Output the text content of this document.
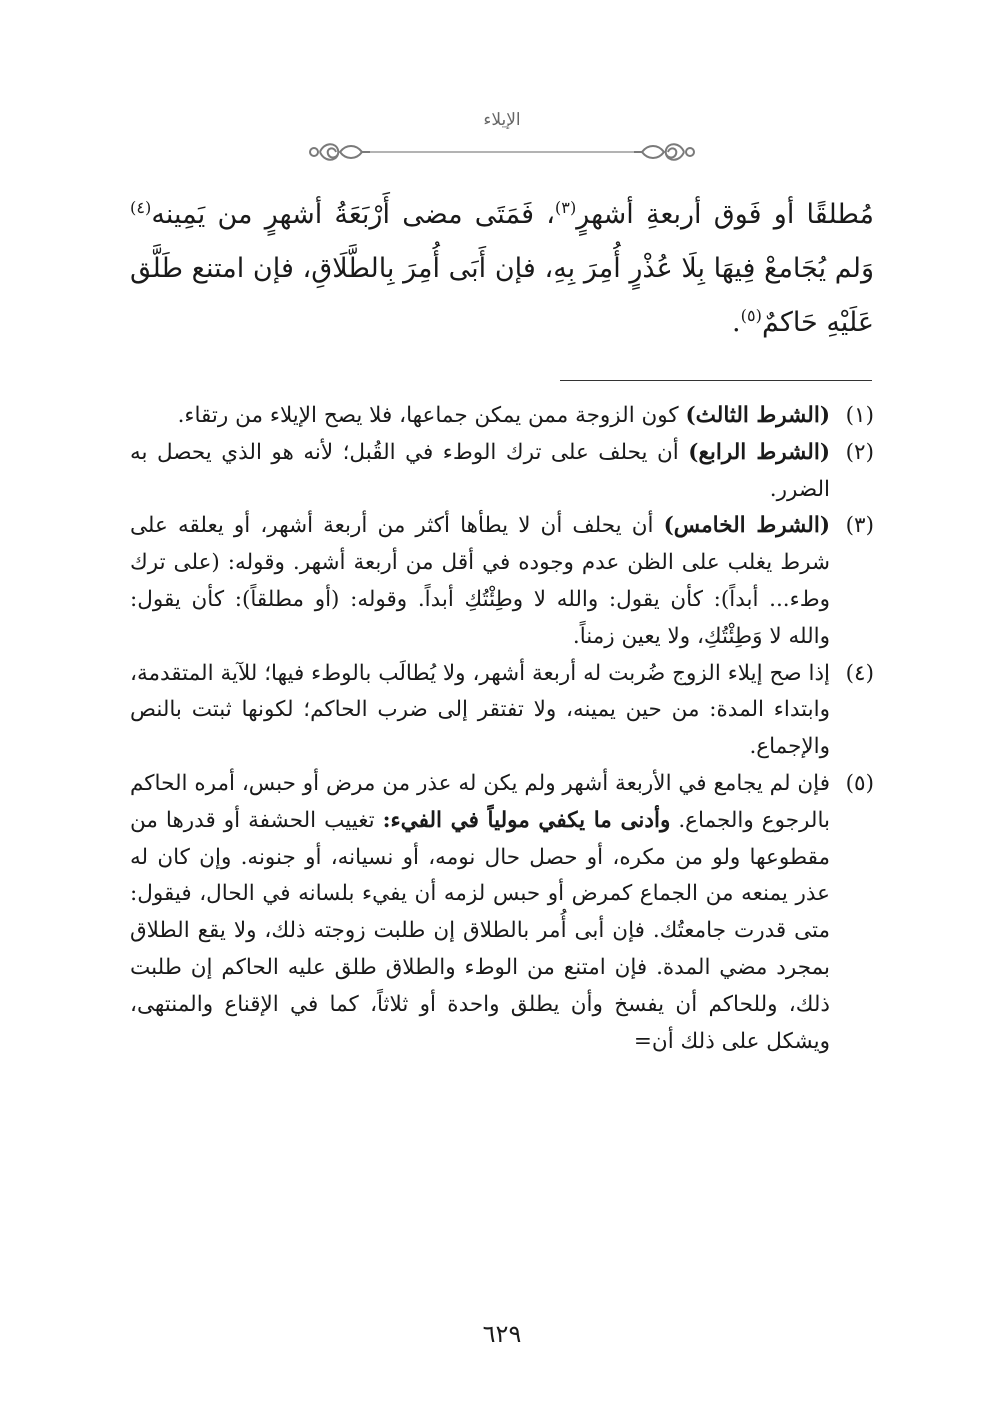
الإيلاء

مُطلقًا أو فَوق أربعةِ أشهرٍ$^{(٣)}$، فَمَتَى مضى أَرْبَعَةُ أشهرٍ من يَمِينه$^{(٤)}$ وَلم يُجَامعْ فِيهَا بِلَا عُذْرٍ أُمِرَ بِهِ، فإن أَبَى أُمِرَ بِالطَّلَاقِ، فإن امتنع طَلَّق عَلَيْهِ حَاكمٌ$^{(٥)}$.

(١)
(الشرط الثالث) كون الزوجة ممن يمكن جماعها، فلا يصح الإيلاء من رتقاء.
(٢)
(الشرط الرابع) أن يحلف على ترك الوطء في القُبل؛ لأنه هو الذي يحصل به الضرر.
(٣)
(الشرط الخامس) أن يحلف أن لا يطأها أكثر من أربعة أشهر، أو يعلقه على شرط يغلب على الظن عدم وجوده في أقل من أربعة أشهر. وقوله: (على ترك وطء... أبداً): كأن يقول: والله لا وطِئْتُكِ أبداً. وقوله: (أو مطلقاً): كأن يقول: والله لا وَطِئْتُكِ، ولا يعين زمناً.
(٤)
إذا صح إيلاء الزوج ضُربت له أربعة أشهر، ولا يُطالَب بالوطء فيها؛ للآية المتقدمة، وابتداء المدة: من حين يمينه، ولا تفتقر إلى ضرب الحاكم؛ لكونها ثبتت بالنص والإجماع.
(٥)
فإن لم يجامع في الأربعة أشهر ولم يكن له عذر من مرض أو حبس، أمره الحاكم بالرجوع والجماع. وأدنى ما يكفي مولياً في الفيء: تغييب الحشفة أو قدرها من مقطوعها ولو من مكره، أو حصل حال نومه، أو نسيانه، أو جنونه. وإن كان له عذر يمنعه من الجماع كمرض أو حبس لزمه أن يفيء بلسانه في الحال، فيقول: متى قدرت جامعتُك. فإن أبى أُمر بالطلاق إن طلبت زوجته ذلك، ولا يقع الطلاق بمجرد مضي المدة. فإن امتنع من الوطء والطلاق طلق عليه الحاكم إن طلبت ذلك، وللحاكم أن يفسخ وأن يطلق واحدة أو ثلاثاً، كما في الإقناع والمنتهى، ويشكل على ذلك أن=
٦٢٩
